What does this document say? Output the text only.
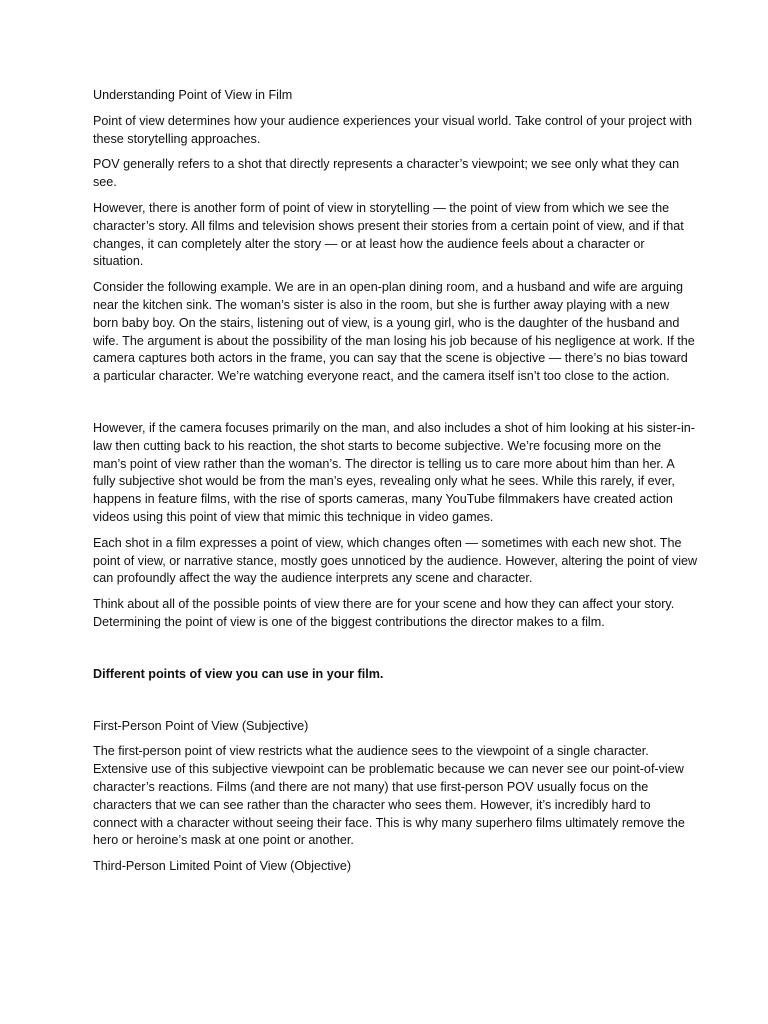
Understanding Point of View in Film

Point of view determines how your audience experiences your visual world. Take control of your project with these storytelling approaches.

POV generally refers to a shot that directly represents a character’s viewpoint; we see only what they can see.

However, there is another form of point of view in storytelling — the point of view from which we see the character’s story. All films and television shows present their stories from a certain point of view, and if that changes, it can completely alter the story — or at least how the audience feels about a character or situation.

Consider the following example. We are in an open-plan dining room, and a husband and wife are arguing near the kitchen sink. The woman’s sister is also in the room, but she is further away playing with a new born baby boy. On the stairs, listening out of view, is a young girl, who is the daughter of the husband and wife. The argument is about the possibility of the man losing his job because of his negligence at work. If the camera captures both actors in the frame, you can say that the scene is objective — there’s no bias toward a particular character. We’re watching everyone react, and the camera itself isn’t too close to the action.

However, if the camera focuses primarily on the man, and also includes a shot of him looking at his sister-in-law then cutting back to his reaction, the shot starts to become subjective. We’re focusing more on the man’s point of view rather than the woman’s. The director is telling us to care more about him than her. A fully subjective shot would be from the man’s eyes, revealing only what he sees. While this rarely, if ever, happens in feature films, with the rise of sports cameras, many YouTube filmmakers have created action videos using this point of view that mimic this technique in video games.

Each shot in a film expresses a point of view, which changes often — sometimes with each new shot. The point of view, or narrative stance, mostly goes unnoticed by the audience. However, altering the point of view can profoundly affect the way the audience interprets any scene and character.

Think about all of the possible points of view there are for your scene and how they can affect your story. Determining the point of view is one of the biggest contributions the director makes to a film.

Different points of view you can use in your film.

First-Person Point of View (Subjective)

The first-person point of view restricts what the audience sees to the viewpoint of a single character. Extensive use of this subjective viewpoint can be problematic because we can never see our point-of-view character’s reactions. Films (and there are not many) that use first-person POV usually focus on the characters that we can see rather than the character who sees them. However, it’s incredibly hard to connect with a character without seeing their face. This is why many superhero films ultimately remove the hero or heroine’s mask at one point or another.

Third-Person Limited Point of View (Objective)
